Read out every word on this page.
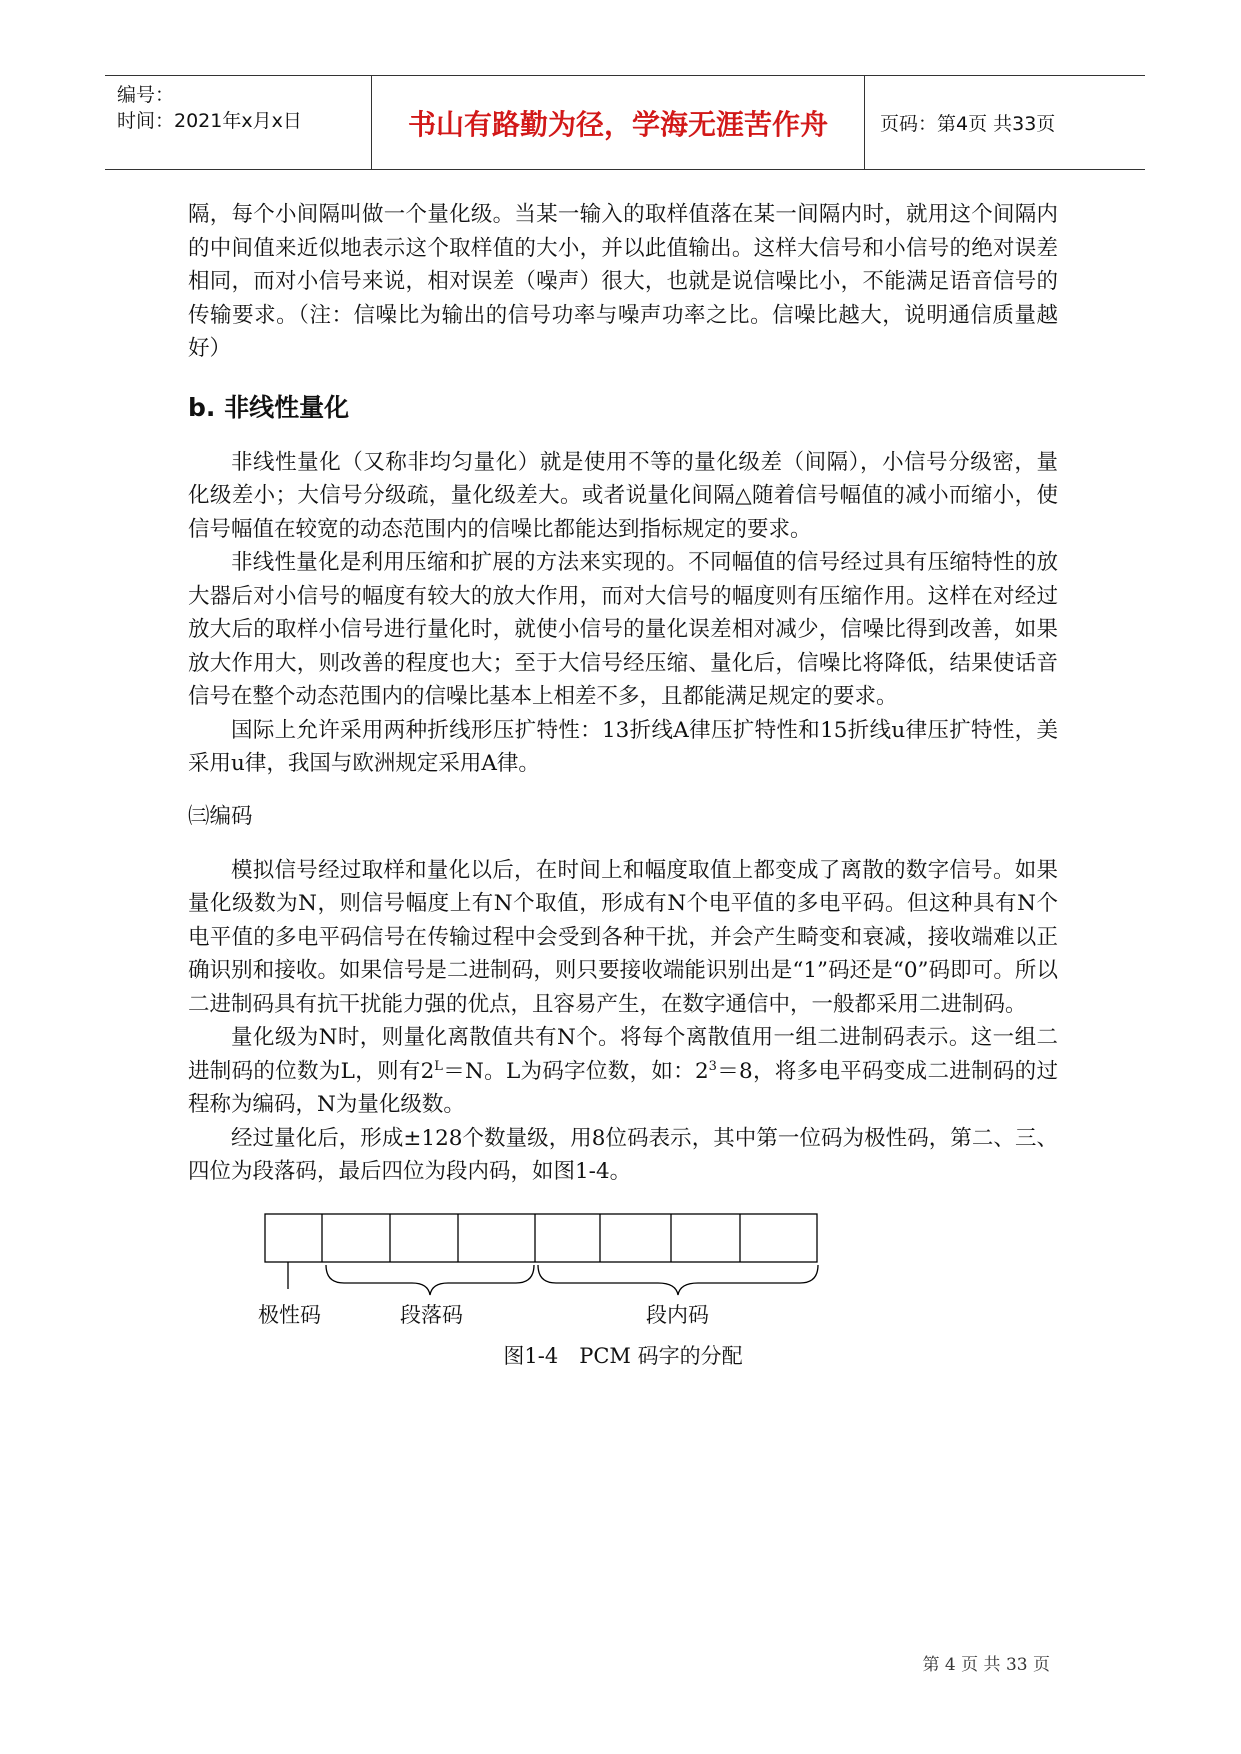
编号：
时间：2021年x月x日	书山有路勤为径，学海无涯苦作舟	页码：第4页 共33页

隔，每个小间隔叫做一个量化级。当某一输入的取样值落在某一间隔内时，就用这个间隔内的中间值来近似地表示这个取样值的大小，并以此值输出。这样大信号和小信号的绝对误差相同，而对小信号来说，相对误差（噪声）很大，也就是说信噪比小，不能满足语音信号的传输要求。（注：信噪比为输出的信号功率与噪声功率之比。信噪比越大，说明通信质量越好）

b. 非线性量化

非线性量化（又称非均匀量化）就是使用不等的量化级差（间隔），小信号分级密，量化级差小；大信号分级疏，量化级差大。或者说量化间隔△随着信号幅值的减小而缩小，使信号幅值在较宽的动态范围内的信噪比都能达到指标规定的要求。

非线性量化是利用压缩和扩展的方法来实现的。不同幅值的信号经过具有压缩特性的放大器后对小信号的幅度有较大的放大作用，而对大信号的幅度则有压缩作用。这样在对经过放大后的取样小信号进行量化时，就使小信号的量化误差相对减少，信噪比得到改善，如果放大作用大，则改善的程度也大；至于大信号经压缩、量化后，信噪比将降低，结果使话音信号在整个动态范围内的信噪比基本上相差不多，且都能满足规定的要求。

国际上允许采用两种折线形压扩特性：13折线A律压扩特性和15折线u律压扩特性，美采用u律，我国与欧洲规定采用A律。

㈢编码

模拟信号经过取样和量化以后，在时间上和幅度取值上都变成了离散的数字信号。如果量化级数为N，则信号幅度上有N个取值，形成有N个电平值的多电平码。但这种具有N个电平值的多电平码信号在传输过程中会受到各种干扰，并会产生畸变和衰减，接收端难以正确识别和接收。如果信号是二进制码，则只要接收端能识别出是“1”码还是“0”码即可。所以二进制码具有抗干扰能力强的优点，且容易产生，在数字通信中，一般都采用二进制码。

量化级为N时，则量化离散值共有N个。将每个离散值用一组二进制码表示。这一组二进制码的位数为L，则有$2^L=N$。L为码字位数，如：$2^3=8$，将多电平码变成二进制码的过程称为编码，N为量化级数。

经过量化后，形成±128个数量级，用8位码表示，其中第一位码为极性码，第二、三、四位为段落码，最后四位为段内码，如图1-4。

极性码	段落码	段内码
图1-4　PCM 码字的分配
第 4 页 共 33 页
